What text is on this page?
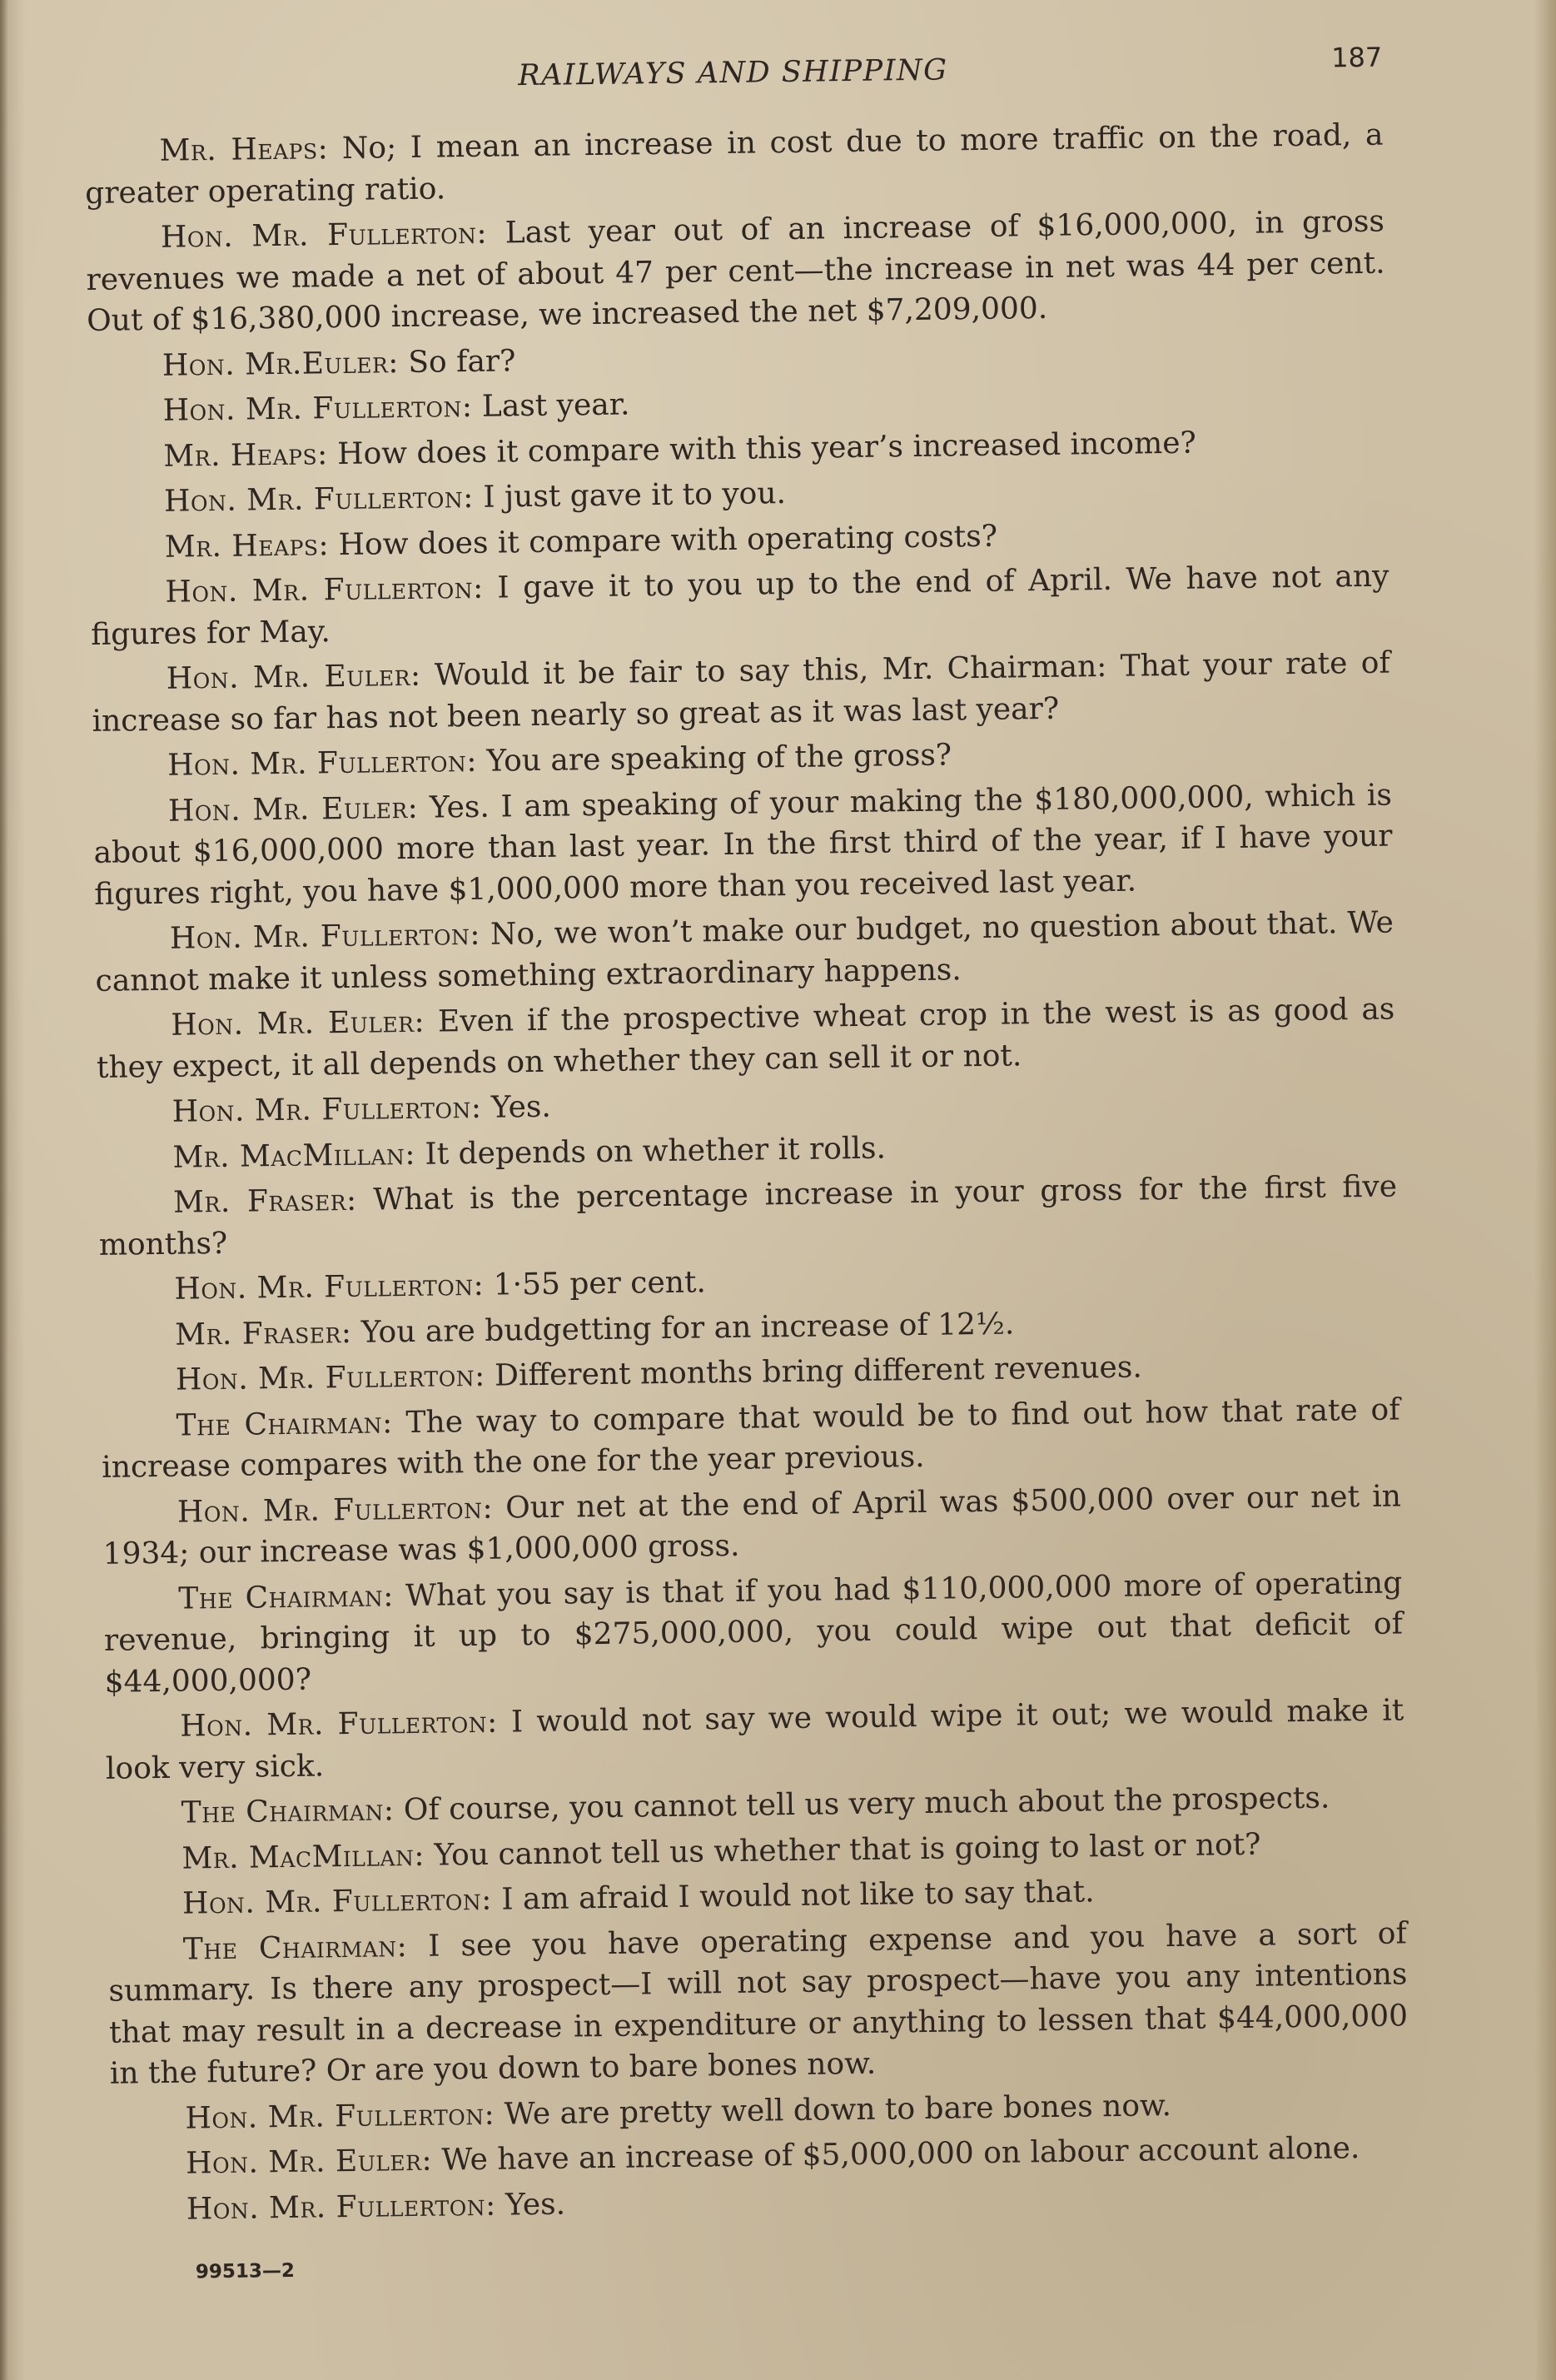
RAILWAYS AND SHIPPING	187

Mr. Heaps: No; I mean an increase in cost due to more traffic on the road, a greater operating ratio.

Hon. Mr. Fullerton: Last year out of an increase of $16,000,000, in gross revenues we made a net of about 47 per cent—the increase in net was 44 per cent. Out of $16,380,000 increase, we increased the net $7,209,000.

Hon. Mr.Euler: So far?

Hon. Mr. Fullerton: Last year.

Mr. Heaps: How does it compare with this year’s increased income?

Hon. Mr. Fullerton: I just gave it to you.

Mr. Heaps: How does it compare with operating costs?

Hon. Mr. Fullerton: I gave it to you up to the end of April. We have not any figures for May.

Hon. Mr. Euler: Would it be fair to say this, Mr. Chairman: That your rate of increase so far has not been nearly so great as it was last year?

Hon. Mr. Fullerton: You are speaking of the gross?

Hon. Mr. Euler: Yes. I am speaking of your making the $180,000,000, which is about $16,000,000 more than last year. In the first third of the year, if I have your figures right, you have $1,000,000 more than you received last year.

Hon. Mr. Fullerton: No, we won’t make our budget, no question about that. We cannot make it unless something extraordinary happens.

Hon. Mr. Euler: Even if the prospective wheat crop in the west is as good as they expect, it all depends on whether they can sell it or not.

Hon. Mr. Fullerton: Yes.

Mr. MacMillan: It depends on whether it rolls.

Mr. Fraser: What is the percentage increase in your gross for the first five months?

Hon. Mr. Fullerton: 1·55 per cent.

Mr. Fraser: You are budgetting for an increase of 12½.

Hon. Mr. Fullerton: Different months bring different revenues.

The Chairman: The way to compare that would be to find out how that rate of increase compares with the one for the year previous.

Hon. Mr. Fullerton: Our net at the end of April was $500,000 over our net in 1934; our increase was $1,000,000 gross.

The Chairman: What you say is that if you had $110,000,000 more of operating revenue, bringing it up to $275,000,000, you could wipe out that deficit of $44,000,000?

Hon. Mr. Fullerton: I would not say we would wipe it out; we would make it look very sick.

The Chairman: Of course, you cannot tell us very much about the prospects.

Mr. MacMillan: You cannot tell us whether that is going to last or not?

Hon. Mr. Fullerton: I am afraid I would not like to say that.

The Chairman: I see you have operating expense and you have a sort of summary. Is there any prospect—I will not say prospect—have you any intentions that may result in a decrease in expenditure or anything to lessen that $44,000,000 in the future? Or are you down to bare bones now.

Hon. Mr. Fullerton: We are pretty well down to bare bones now.

Hon. Mr. Euler: We have an increase of $5,000,000 on labour account alone.

Hon. Mr. Fullerton: Yes.

99513—2
